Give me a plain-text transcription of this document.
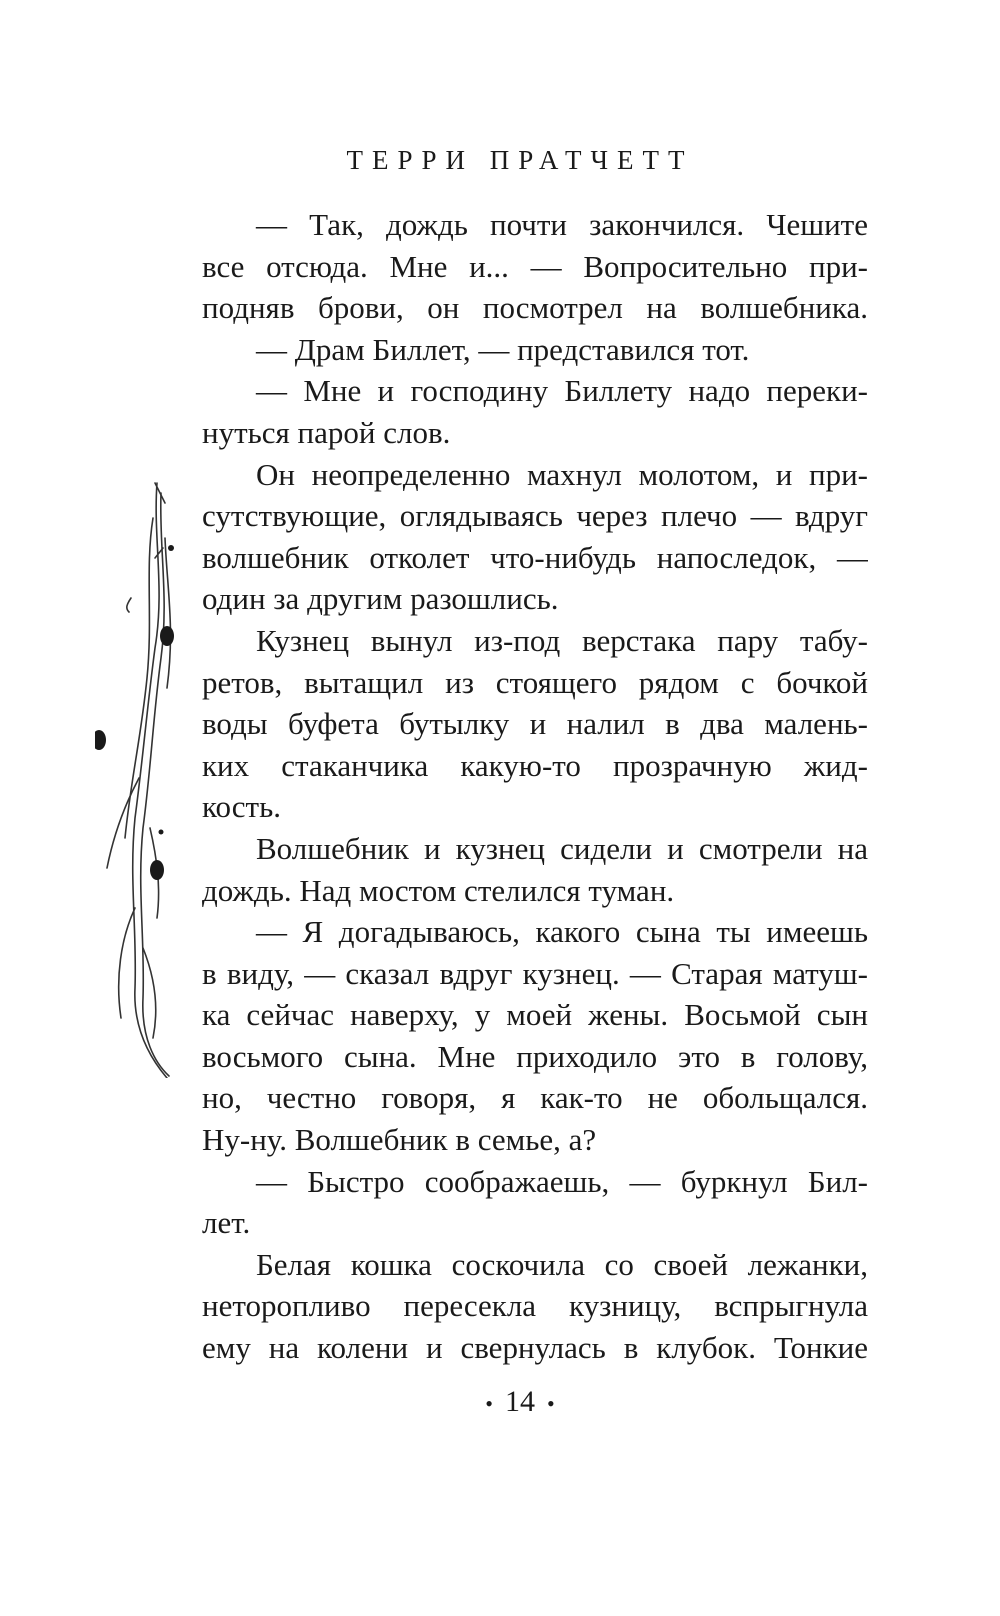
ТЕРРИ ПРАТЧЕТТ
— Так, дождь почти закончился. Чешите
все отсюда. Мне и... — Вопросительно при-
подняв брови, он посмотрел на волшебника.
— Драм Биллет, — представился тот.
— Мне и господину Биллету надо переки-
нуться парой слов.
Он неопределенно махнул молотом, и при-
сутствующие, оглядываясь через плечо — вдруг
волшебник отколет что-нибудь напоследок, —
один за другим разошлись.
Кузнец вынул из-под верстака пару табу-
ретов, вытащил из стоящего рядом с бочкой
воды буфета бутылку и налил в два малень-
ких стаканчика какую-то прозрачную жид-
кость.
Волшебник и кузнец сидели и смотрели на
дождь. Над мостом стелился туман.
— Я догадываюсь, какого сына ты имеешь
в виду, — сказал вдруг кузнец. — Старая матуш-
ка сейчас наверху, у моей жены. Восьмой сын
восьмого сына. Мне приходило это в голову,
но, честно говоря, я как-то не обольщался.
Ну-ну. Волшебник в семье, а?
— Быстро соображаешь, — буркнул Бил-
лет.
Белая кошка соскочила со своей лежанки,
неторопливо пересекла кузницу, вспрыгнула
ему на колени и свернулась в клубок. Тонкие
• 14 •
